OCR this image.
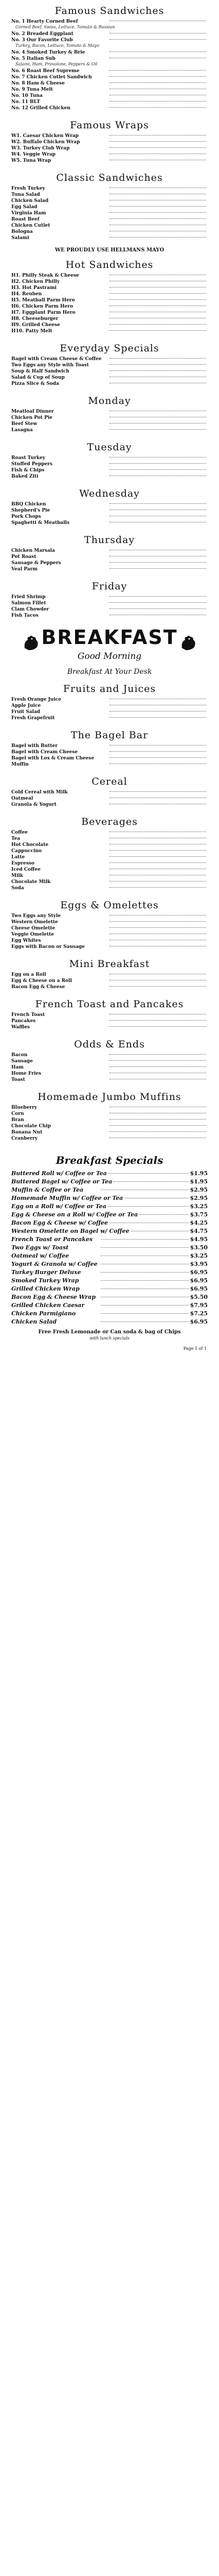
Famous Sandwiches
No. 1 Hearty Corned Beef
Corned Beef, Swiss, Lettuce, Tomato & Russian
No. 2 Breaded Eggplant
No. 3 Our Favorite Club
Turkey, Bacon, Lettuce, Tomato & Mayo
No. 4 Smoked Turkey & Brie
No. 5 Italian Sub
Salami, Ham, Provolone, Peppers & Oil
No. 6 Roast Beef Supreme
No. 7 Chicken Cutlet Sandwich
No. 8 Ham & Cheese
No. 9 Tuna Melt
No. 10 Tuna
No. 11 BLT
No. 12 Grilled Chicken
Famous Wraps
W1. Caesar Chicken Wrap
W2. Buffalo Chicken Wrap
W3. Turkey Club Wrap
W4. Veggie Wrap
W5. Tuna Wrap
Classic Sandwiches
Fresh Turkey
Tuna Salad
Chicken Salad
Egg Salad
Virginia Ham
Roast Beef
Chicken Cutlet
Bologna
Salami
WE PROUDLY USE HELLMANS MAYO
Hot Sandwiches
H1. Philly Steak & Cheese
H2. Chicken Philly
H3. Hot Pastrami
H4. Reuben
H5. Meatball Parm Hero
H6. Chicken Parm Hero
H7. Eggplant Parm Hero
H8. Cheeseburger
H9. Grilled Cheese
H10. Patty Melt
Everyday Specials
Bagel with Cream Cheese & Coffee
Two Eggs any Style with Toast
Soup & Half Sandwich
Salad & Cup of Soup
Pizza Slice & Soda
Monday
Meatloaf Dinner
Chicken Pot Pie
Beef Stew
Lasagna
Tuesday
Roast Turkey
Stuffed Peppers
Fish & Chips
Baked Ziti
Wednesday
BBQ Chicken
Shepherd's Pie
Pork Chops
Spaghetti & Meatballs
Thursday
Chicken Marsala
Pot Roast
Sausage & Peppers
Veal Parm
Friday
Fried Shrimp
Salmon Fillet
Clam Chowder
Fish Tacos
BREAKFAST
Good Morning
Breakfast At Your Desk
Fruits and Juices
Fresh Orange Juice
Apple Juice
Fruit Salad
Fresh Grapefruit
The Bagel Bar
Bagel with Butter
Bagel with Cream Cheese
Bagel with Lox & Cream Cheese
Muffin
Cereal
Cold Cereal with Milk
Oatmeal
Granola & Yogurt
Beverages
Coffee
Tea
Hot Chocolate
Cappuccino
Latte
Espresso
Iced Coffee
Milk
Chocolate Milk
Soda
Eggs & Omelettes
Two Eggs any Style
Western Omelette
Cheese Omelette
Veggie Omelette
Egg Whites
Eggs with Bacon or Sausage
Mini Breakfast
Egg on a Roll
Egg & Cheese on a Roll
Bacon Egg & Cheese
French Toast and Pancakes
French Toast
Pancakes
Waffles
Odds & Ends
Bacon
Sausage
Ham
Home Fries
Toast
Homemade Jumbo Muffins
Blueberry
Corn
Bran
Chocolate Chip
Banana Nut
Cranberry
Breakfast Specials
Buttered Roll w/ Coffee or Tea	$1.95
Buttered Bagel w/ Coffee or Tea	$1.95
Muffin & Coffee or Tea	$2.95
Homemade Muffin w/ Coffee or Tea	$2.95
Egg on a Roll w/ Coffee or Tea	$3.25
Egg & Cheese on a Roll w/ Coffee or Tea	$3.75
Bacon Egg & Cheese w/ Coffee	$4.25
Western Omelette on Bagel w/ Coffee	$4.75
French Toast or Pancakes	$4.95
Two Eggs w/ Toast	$3.50
Oatmeal w/ Coffee	$3.25
Yogurt & Granola w/ Coffee	$3.95
Turkey Burger Deluxe	$6.95
Smoked Turkey Wrap	$6.95
Grilled Chicken Wrap	$6.95
Bacon Egg & Cheese Wrap	$5.50
Grilled Chicken Caesar	$7.95
Chicken Parmigiano	$7.25
Chicken Salad	$6.95
Free Fresh Lemonade or Can soda & bag of Chips
with lunch specials
Page 1 of 1
